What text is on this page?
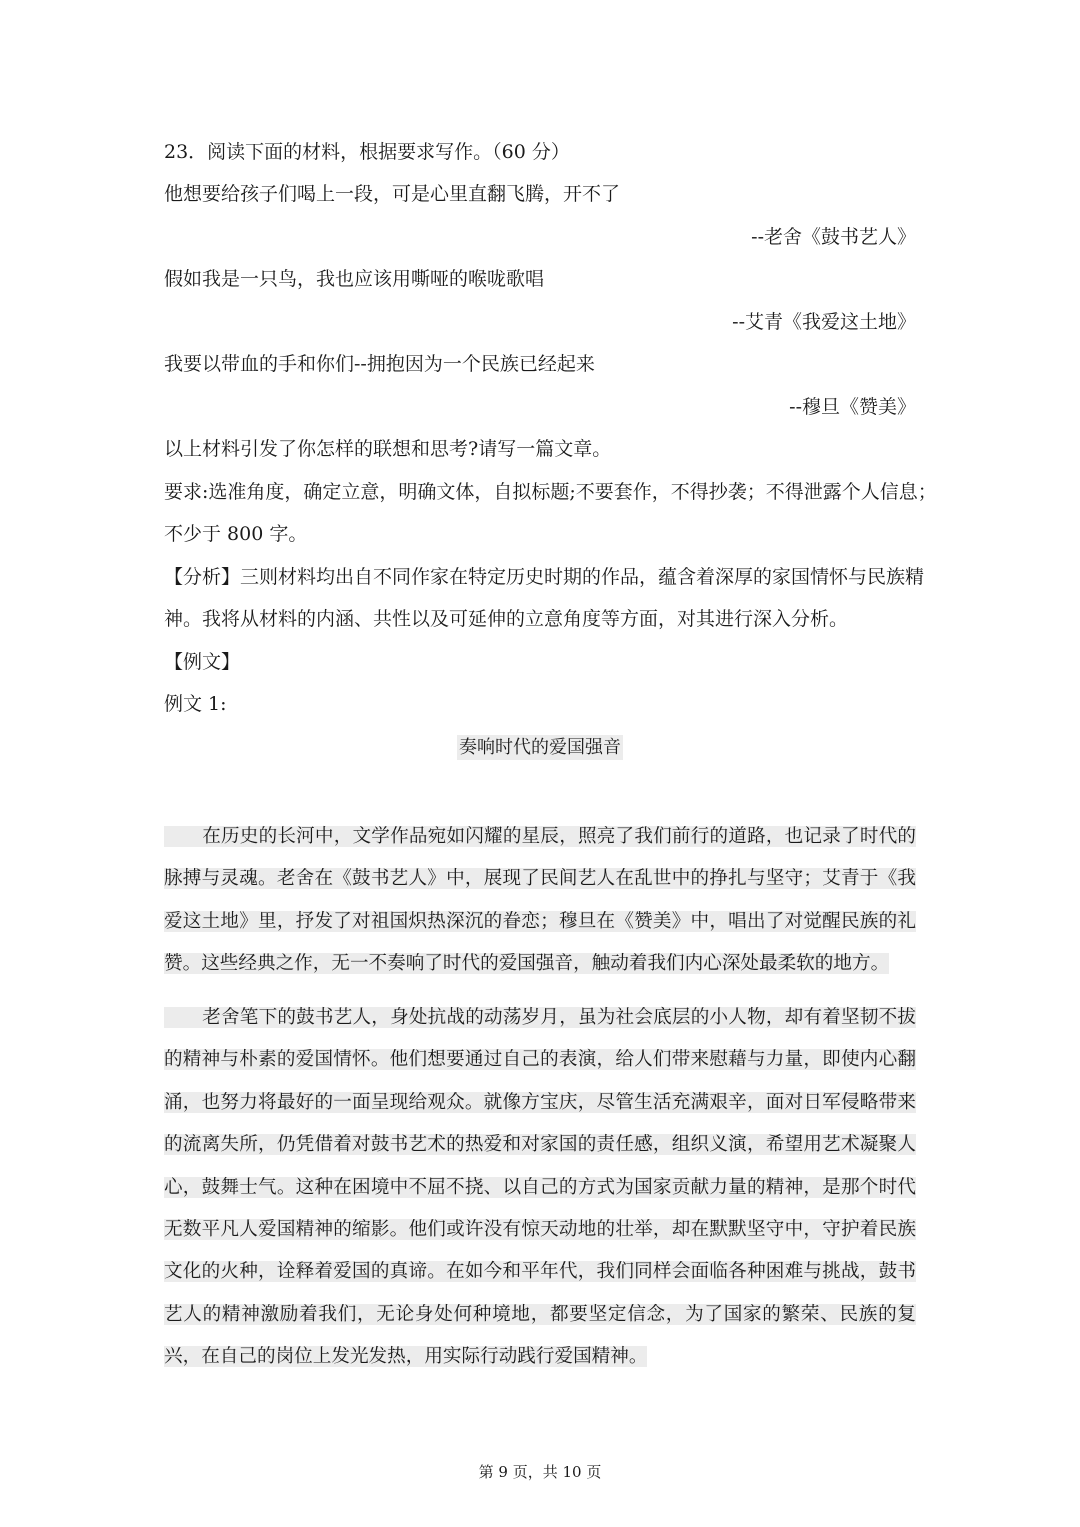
23．阅读下面的材料，根据要求写作。（60 分）
他想要给孩子们喝上一段，可是心里直翻飞腾，开不了
--老舍《鼓书艺人》
假如我是一只鸟，我也应该用嘶哑的喉咙歌唱
--艾青《我爱这土地》
我要以带血的手和你们--拥抱因为一个民族已经起来
--穆旦《赞美》
以上材料引发了你怎样的联想和思考?请写一篇文章。
要求:选准角度，确定立意，明确文体，自拟标题;不要套作，不得抄袭；不得泄露个人信息；
不少于 800 字。
【分析】三则材料均出自不同作家在特定历史时期的作品，蕴含着深厚的家国情怀与民族精
神。我将从材料的内涵、共性以及可延伸的立意角度等方面，对其进行深入分析。
【例文】
例文 1:
奏响时代的爱国强音

在历史的长河中，文学作品宛如闪耀的星辰，照亮了我们前行的道路，也记录了时代的脉搏与灵魂。老舍在《鼓书艺人》中，展现了民间艺人在乱世中的挣扎与坚守；艾青于《我爱这土地》里，抒发了对祖国炽热深沉的眷恋；穆旦在《赞美》中，唱出了对觉醒民族的礼赞。这些经典之作，无一不奏响了时代的爱国强音，触动着我们内心深处最柔软的地方。

老舍笔下的鼓书艺人，身处抗战的动荡岁月，虽为社会底层的小人物，却有着坚韧不拔的精神与朴素的爱国情怀。他们想要通过自己的表演，给人们带来慰藉与力量，即使内心翻涌，也努力将最好的一面呈现给观众。就像方宝庆，尽管生活充满艰辛，面对日军侵略带来的流离失所，仍凭借着对鼓书艺术的热爱和对家国的责任感，组织义演，希望用艺术凝聚人心，鼓舞士气。这种在困境中不屈不挠、以自己的方式为国家贡献力量的精神，是那个时代无数平凡人爱国精神的缩影。他们或许没有惊天动地的壮举，却在默默坚守中，守护着民族文化的火种，诠释着爱国的真谛。在如今和平年代，我们同样会面临各种困难与挑战，鼓书艺人的精神激励着我们，无论身处何种境地，都要坚定信念，为了国家的繁荣、民族的复兴，在自己的岗位上发光发热，用实际行动践行爱国精神。

第 9 页，共 10 页
